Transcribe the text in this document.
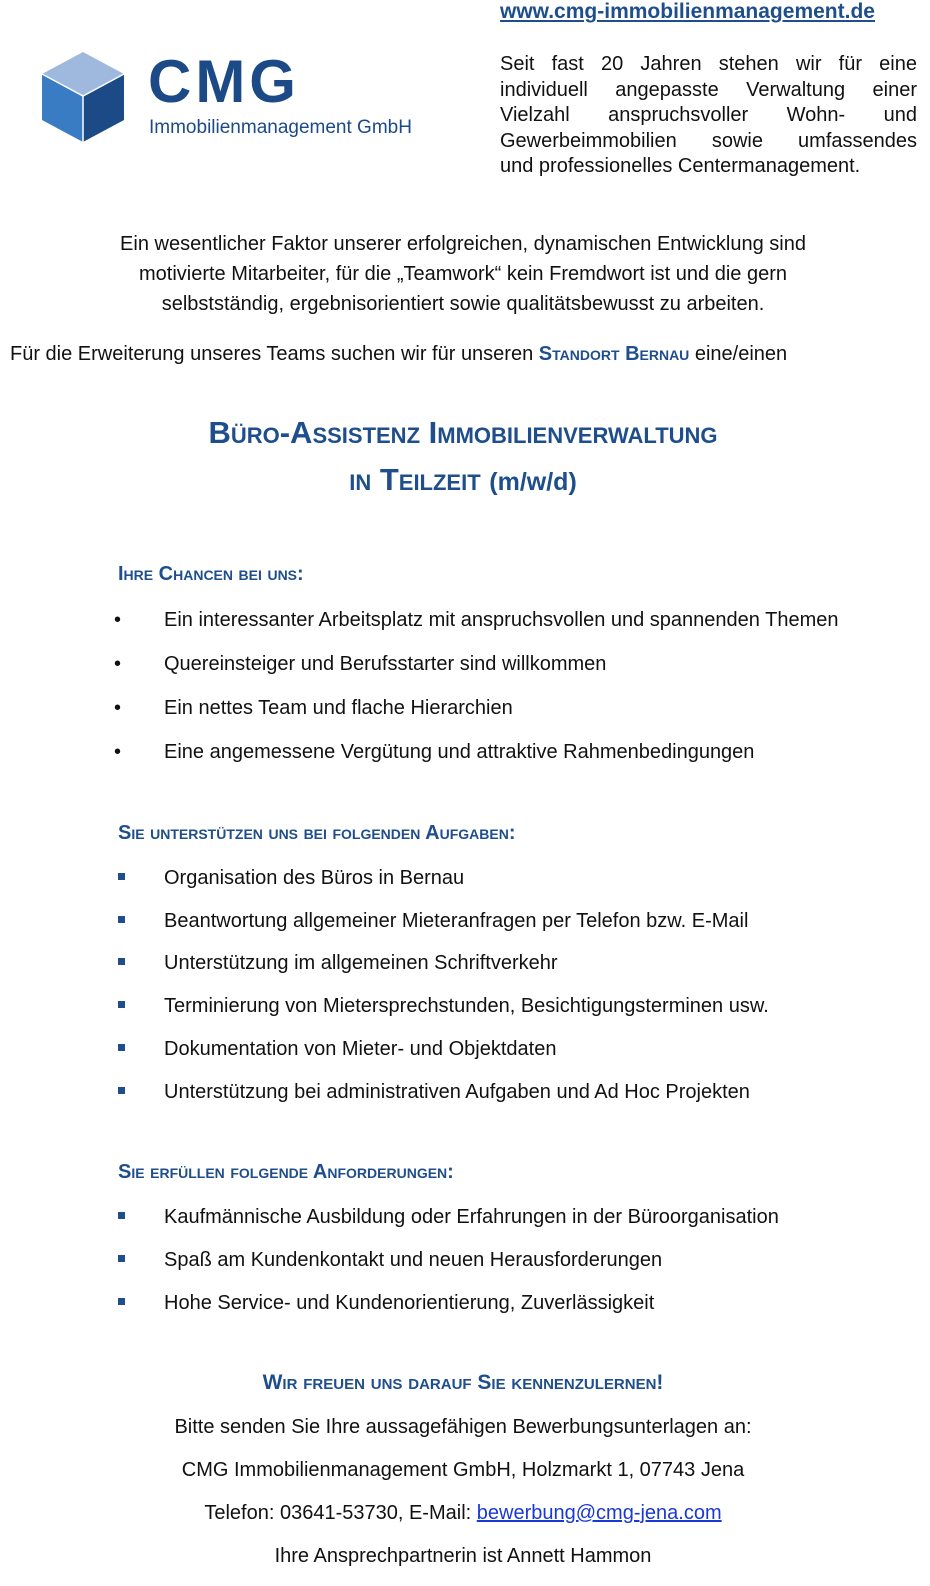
www.cmg-immobilienmanagement.de
CMG
Immobilienmanagement GmbH
Seit fast 20 Jahren stehen wir für eine
individuell angepasste Verwaltung einer
Vielzahl anspruchsvoller Wohn- und
Gewerbeimmobilien sowie umfassendes
und professionelles Centermanagement.
Ein wesentlicher Faktor unserer erfolgreichen, dynamischen Entwicklung sind
motivierte Mitarbeiter, für die „Teamwork“ kein Fremdwort ist und die gern
selbstständig, ergebnisorientiert sowie qualitätsbewusst zu arbeiten.
Für die Erweiterung unseres Teams suchen wir für unseren Standort Bernau eine/einen
Büro-Assistenz Immobilienverwaltung
in Teilzeit (m/w/d)
Ihre Chancen bei uns:
• Ein interessanter Arbeitsplatz mit anspruchsvollen und spannenden Themen
• Quereinsteiger und Berufsstarter sind willkommen
• Ein nettes Team und flache Hierarchien
• Eine angemessene Vergütung und attraktive Rahmenbedingungen
Sie unterstützen uns bei folgenden Aufgaben:
Organisation des Büros in Bernau
Beantwortung allgemeiner Mieteranfragen per Telefon bzw. E-Mail
Unterstützung im allgemeinen Schriftverkehr
Terminierung von Mietersprechstunden, Besichtigungsterminen usw.
Dokumentation von Mieter- und Objektdaten
Unterstützung bei administrativen Aufgaben und Ad Hoc Projekten
Sie erfüllen folgende Anforderungen:
Kaufmännische Ausbildung oder Erfahrungen in der Büroorganisation
Spaß am Kundenkontakt und neuen Herausforderungen
Hohe Service- und Kundenorientierung, Zuverlässigkeit
Wir freuen uns darauf Sie kennenzulernen!
Bitte senden Sie Ihre aussagefähigen Bewerbungsunterlagen an:
CMG Immobilienmanagement GmbH, Holzmarkt 1, 07743 Jena
Telefon: 03641-53730, E-Mail: bewerbung@cmg-jena.com
Ihre Ansprechpartnerin ist Annett Hammon
